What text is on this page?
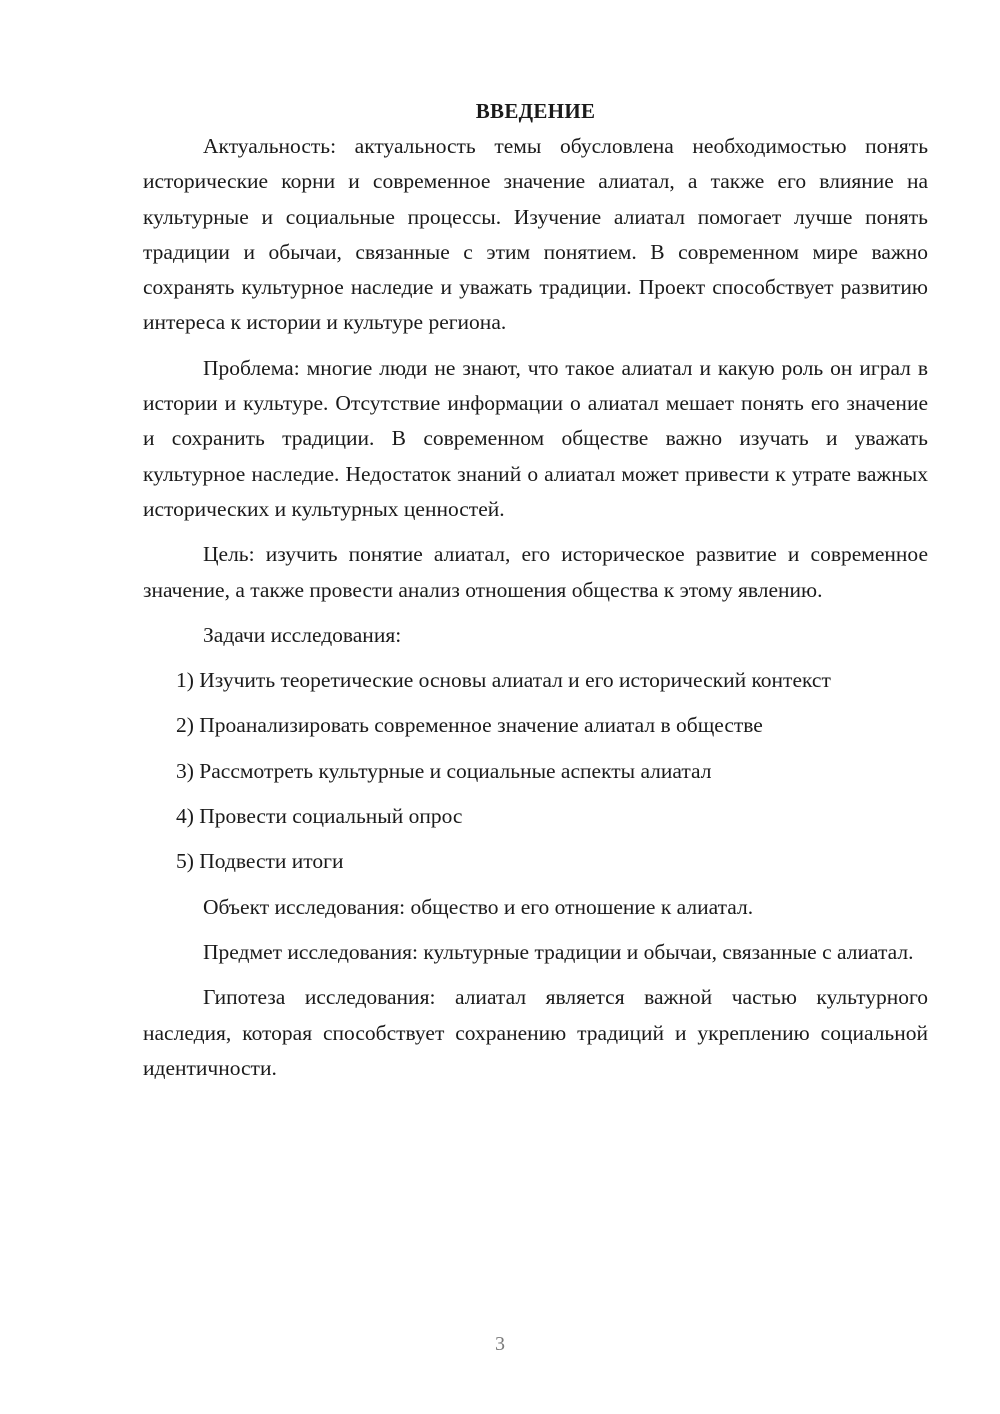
ВВЕДЕНИЕ

Актуальность: актуальность темы обусловлена необходимостью понять исторические корни и современное значение алиатал, а также его влияние на культурные и социальные процессы. Изучение алиатал помогает лучше понять традиции и обычаи, связанные с этим понятием. В современном мире важно сохранять культурное наследие и уважать традиции. Проект способствует развитию интереса к истории и культуре региона.

Проблема: многие люди не знают, что такое алиатал и какую роль он играл в истории и культуре. Отсутствие информации о алиатал мешает понять его значение и сохранить традиции. В современном обществе важно изучать и уважать культурное наследие. Недостаток знаний о алиатал может привести к утрате важных исторических и культурных ценностей.

Цель: изучить понятие алиатал, его историческое развитие и современное значение, а также провести анализ отношения общества к этому явлению.

Задачи исследования:

1) Изучить теоретические основы алиатал и его исторический контекст

2) Проанализировать современное значение алиатал в обществе

3) Рассмотреть культурные и социальные аспекты алиатал

4) Провести социальный опрос

5) Подвести итоги

Объект исследования: общество и его отношение к алиатал.

Предмет исследования: культурные традиции и обычаи, связанные с алиатал.

Гипотеза исследования: алиатал является важной частью культурного наследия, которая способствует сохранению традиций и укреплению социальной идентичности.

3
